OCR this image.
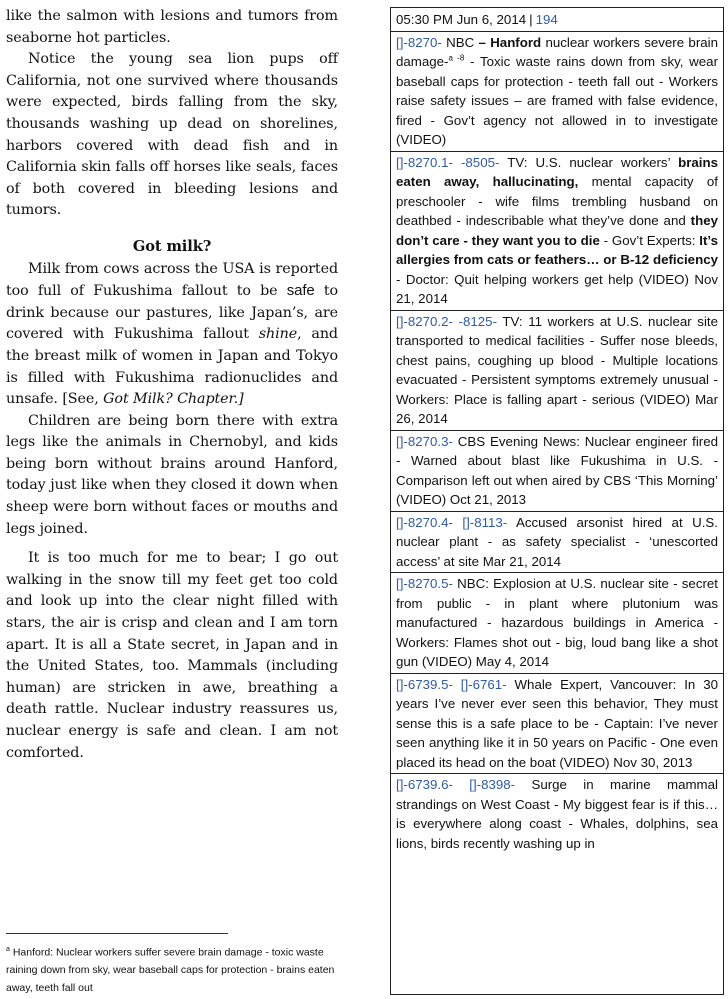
like the salmon with lesions and tumors from seaborne hot particles.

Notice the young sea lion pups off California, not one survived where thousands were expected, birds falling from the sky, thousands washing up dead on shorelines, harbors covered with dead fish and in California skin falls off horses like seals, faces of both covered in bleeding lesions and tumors.

Got milk?

Milk from cows across the USA is reported too full of Fukushima fallout to be safe to drink because our pastures, like Japan’s, are covered with Fukushima fallout shine, and the breast milk of women in Japan and Tokyo is filled with Fukushima radionuclides and unsafe. [See, Got Milk? Chapter.]

Children are being born there with extra legs like the animals in Chernobyl, and kids being born without brains around Hanford, today just like when they closed it down when sheep were born without faces or mouths and legs joined.

It is too much for me to bear; I go out walking in the snow till my feet get too cold and look up into the clear night filled with stars, the air is crisp and clean and I am torn apart. It is all a State secret, in Japan and in the United States, too. Mammals (including human) are stricken in awe, breathing a death rattle. Nuclear industry reassures us, nuclear energy is safe and clean. I am not comforted.

$^a$ Hanford: Nuclear workers suffer severe brain damage - toxic waste raining down from sky, wear baseball caps for protection - brains eaten away, teeth fall out
05:30 PM Jun 6, 2014 | 194
[]-8270- NBC – Hanford nuclear workers severe brain damage-$^{a -8}$ - Toxic waste rains down from sky, wear baseball caps for protection - teeth fall out - Workers raise safety issues – are framed with false evidence, fired - Gov’t agency not allowed in to investigate (VIDEO)
[]-8270.1- -8505- TV: U.S. nuclear workers’ brains eaten away, hallucinating, mental capacity of preschooler - wife films trembling husband on deathbed - indescribable what they’ve done and they don’t care - they want you to die - Gov’t Experts: It’s allergies from cats or feathers… or B-12 deficiency - Doctor: Quit helping workers get help (VIDEO) Nov 21, 2014
[]-8270.2- -8125- TV: 11 workers at U.S. nuclear site transported to medical facilities - Suffer nose bleeds, chest pains, coughing up blood - Multiple locations evacuated - Persistent symptoms extremely unusual - Workers: Place is falling apart - serious (VIDEO) Mar 26, 2014
[]-8270.3- CBS Evening News: Nuclear engineer fired - Warned about blast like Fukushima in U.S. - Comparison left out when aired by CBS ‘This Morning’ (VIDEO) Oct 21, 2013
[]-8270.4- []-8113- Accused arsonist hired at U.S. nuclear plant - as safety specialist - ‘unescorted access’ at site Mar 21, 2014
[]-8270.5- NBC: Explosion at U.S. nuclear site - secret from public - in plant where plutonium was manufactured - hazardous buildings in America - Workers: Flames shot out - big, loud bang like a shot gun (VIDEO) May 4, 2014
[]-6739.5- []-6761- Whale Expert, Vancouver: In 30 years I’ve never ever seen this behavior, They must sense this is a safe place to be - Captain: I’ve never seen anything like it in 50 years on Pacific - One even placed its head on the boat (VIDEO) Nov 30, 2013
[]-6739.6- []-8398- Surge in marine mammal strandings on West Coast - My biggest fear is if this… is everywhere along coast - Whales, dolphins, sea lions, birds recently washing up in
